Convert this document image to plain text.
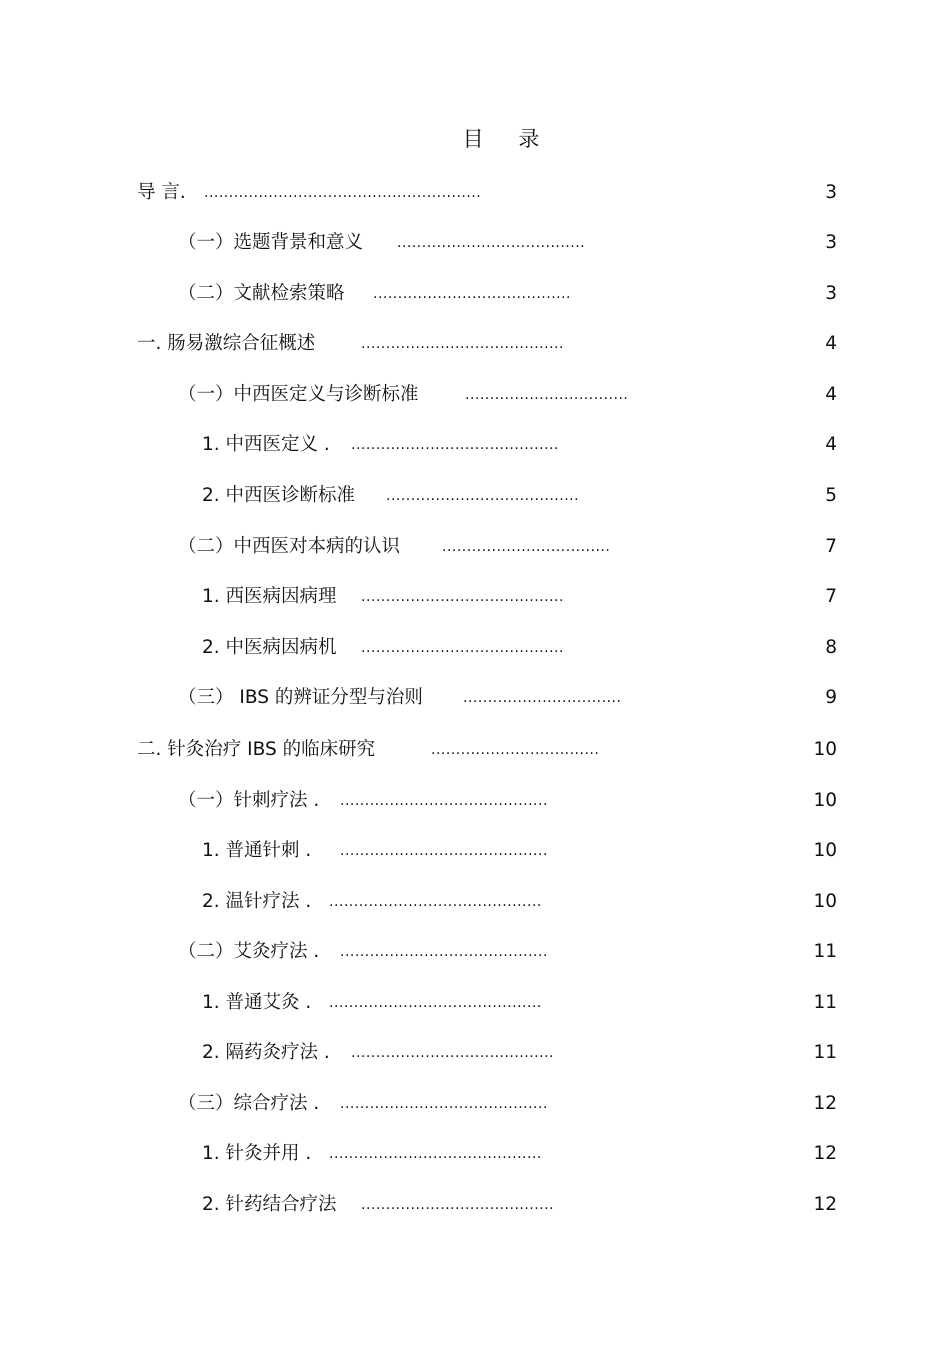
目 录
导 言. ........................................................	3
（一）选题背景和意义 ......................................	3
（二）文献检索策略 ........................................	3
一. 肠易激综合征概述	.........................................	4
（一）中西医定义与诊断标准	.................................	4
1. 中西医定义 . ..........................................	4
2. 中西医诊断标准 .......................................	5
（二）中西医对本病的认识	..................................	7
1. 西医病因病理 .........................................	7
2. 中医病因病机 .........................................	8
（三） IBS 的辨证分型与治则	................................	9
二. 针灸治疗 IBS 的临床研究	..................................	10
（一）针刺疗法 . ..........................................	10
1. 普通针刺 . ..........................................	10
2. 温针疗法 . ...........................................	10
（二）艾灸疗法 . ..........................................	11
1. 普通艾灸 . ...........................................	11
2. 隔药灸疗法 . .........................................	11
（三）综合疗法 . ..........................................	12
1. 针灸并用 . ...........................................	12
2. 针药结合疗法 .......................................	12
